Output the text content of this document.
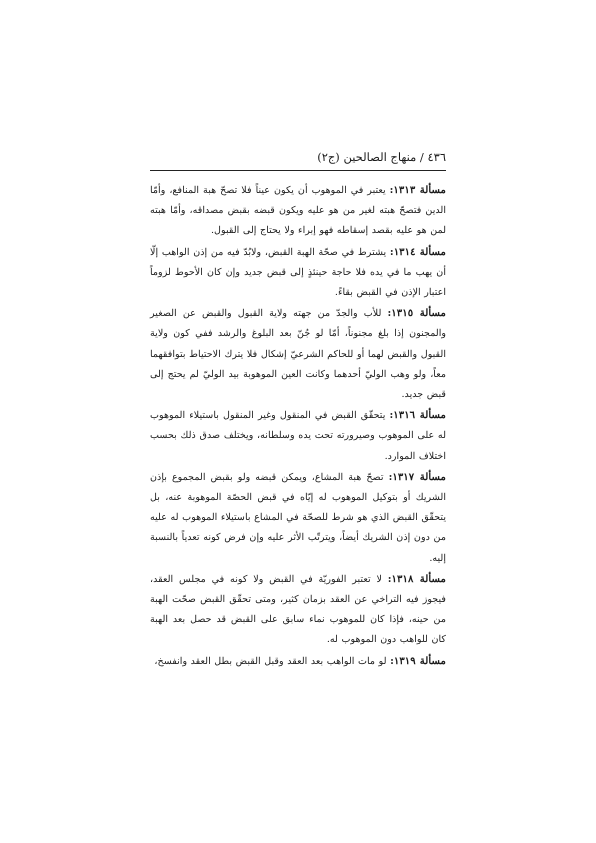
٤٣٦ / منهاج الصالحين (ج٢)

مسألة ١٣١٣: يعتبر في الموهوب أن يكون عيناً فلا تصحّ هبة المنافع، وأمّا الدين فتصحّ هبته لغير من هو عليه ويكون قبضه بقبض مصداقه، وأمّا هبته لمن هو عليه بقصد إسقاطه فهو إبراء ولا يحتاج إلى القبول.

مسألة ١٣١٤: يشترط في صحّة الهبة القبض، ولابُدّ فيه من إذن الواهب إلّا أن يهب ما في يده فلا حاجة حينئذٍ إلى قبض جديد وإن كان الأحوط لزوماً اعتبار الإذن في القبض بقاءً.

مسألة ١٣١٥: للأب والجدّ من جهته ولاية القبول والقبض عن الصغير والمجنون إذا بلغ مجنوناً، أمّا لو جُنّ بعد البلوغ والرشد ففي كون ولاية القبول والقبض لهما أو للحاكم الشرعيّ إشكال فلا يترك الاحتياط بتوافقهما معاً، ولو وهب الوليّ أحدهما وكانت العين الموهوبة بيد الوليّ لم يحتج إلى قبض جديد.

مسألة ١٣١٦: يتحقّق القبض في المنقول وغير المنقول باستيلاء الموهوب له على الموهوب وصيرورته تحت يده وسلطانه، ويختلف صدق ذلك بحسب اختلاف الموارد.

مسألة ١٣١٧: تصحّ هبة المشاع، ويمكن قبضه ولو بقبض المجموع بإذن الشريك أو بتوكيل الموهوب له إيّاه في قبض الحصّة الموهوبة عنه، بل يتحقّق القبض الذي هو شرط للصحّة في المشاع باستيلاء الموهوب له عليه من دون إذن الشريك أيضاً، ويترتّب الأثر عليه وإن فرض كونه تعدياً بالنسبة إليه.

مسألة ١٣١٨: لا تعتبر الفوريّة في القبض ولا كونه في مجلس العقد، فيجوز فيه التراخي عن العقد بزمان كثير، ومتى تحقّق القبض صحّت الهبة من حينه، فإذا كان للموهوب نماء سابق على القبض قد حصل بعد الهبة كان للواهب دون الموهوب له.

مسألة ١٣١٩: لو مات الواهب بعد العقد وقبل القبض بطل العقد وانفسخ،
